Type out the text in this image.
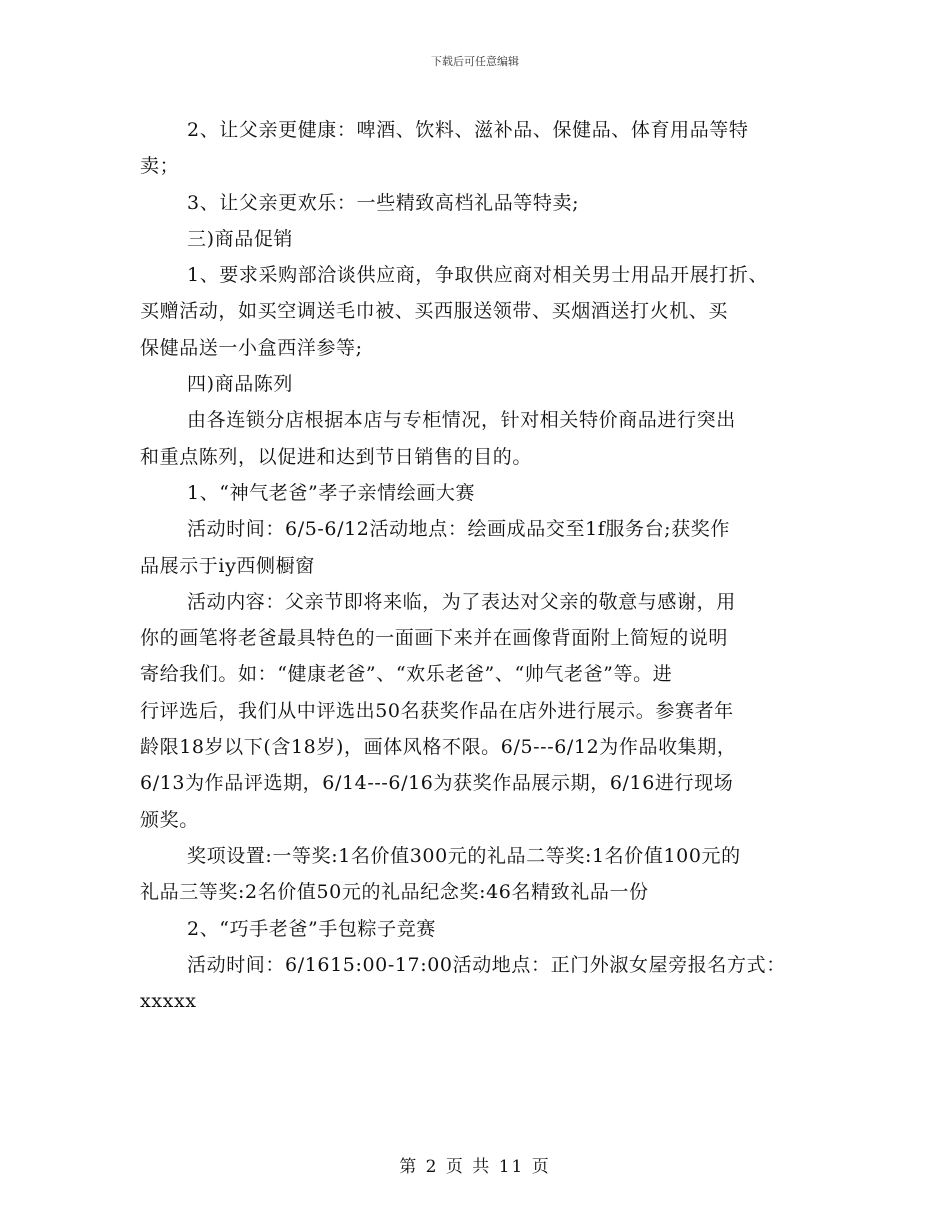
下载后可任意编辑
2、让父亲更健康：啤酒、饮料、滋补品、保健品、体育用品等特
卖；
3、让父亲更欢乐：一些精致高档礼品等特卖;
三)商品促销
1、要求采购部洽谈供应商，争取供应商对相关男士用品开展打折、
买赠活动，如买空调送毛巾被、买西服送领带、买烟酒送打火机、买
保健品送一小盒西洋参等;
四)商品陈列
由各连锁分店根据本店与专柜情况，针对相关特价商品进行突出
和重点陈列，以促进和达到节日销售的目的。
1、“神气老爸”孝子亲情绘画大赛
活动时间：6/5-6/12活动地点：绘画成品交至1f服务台;获奖作
品展示于iy西侧橱窗
活动内容：父亲节即将来临，为了表达对父亲的敬意与感谢，用
你的画笔将老爸最具特色的一面画下来并在画像背面附上简短的说明
寄给我们。如：“健康老爸”、“欢乐老爸”、“帅气老爸”等。进
行评选后，我们从中评选出50名获奖作品在店外进行展示。参赛者年
龄限18岁以下(含18岁)，画体风格不限。6/5---6/12为作品收集期，
6/13为作品评选期，6/14---6/16为获奖作品展示期，6/16进行现场
颁奖。
奖项设置:一等奖:1名价值300元的礼品二等奖:1名价值100元的
礼品三等奖:2名价值50元的礼品纪念奖:46名精致礼品一份
2、“巧手老爸”手包粽子竞赛
活动时间：6/1615:00-17:00活动地点：正门外淑女屋旁报名方式：
xxxxx
第 2 页 共 11 页
